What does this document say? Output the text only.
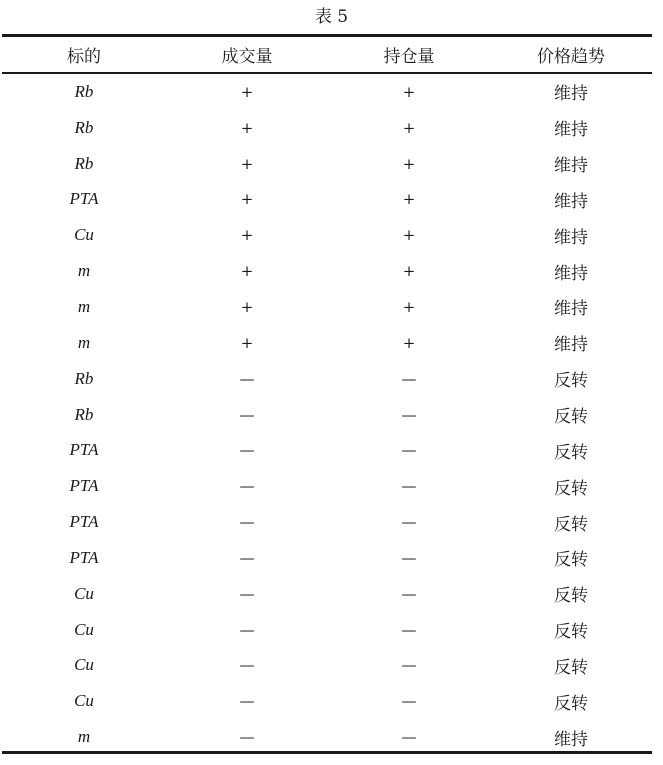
表 5
标的	成交量	持仓量	价格趋势
Rb	+	+	维持
Rb	+	+	维持
Rb	+	+	维持
PTA	+	+	维持
Cu	+	+	维持
m	+	+	维持
m	+	+	维持
m	+	+	维持
Rb	—	—	反转
Rb	—	—	反转
PTA	—	—	反转
PTA	—	—	反转
PTA	—	—	反转
PTA	—	—	反转
Cu	—	—	反转
Cu	—	—	反转
Cu	—	—	反转
Cu	—	—	反转
m	—	—	维持
